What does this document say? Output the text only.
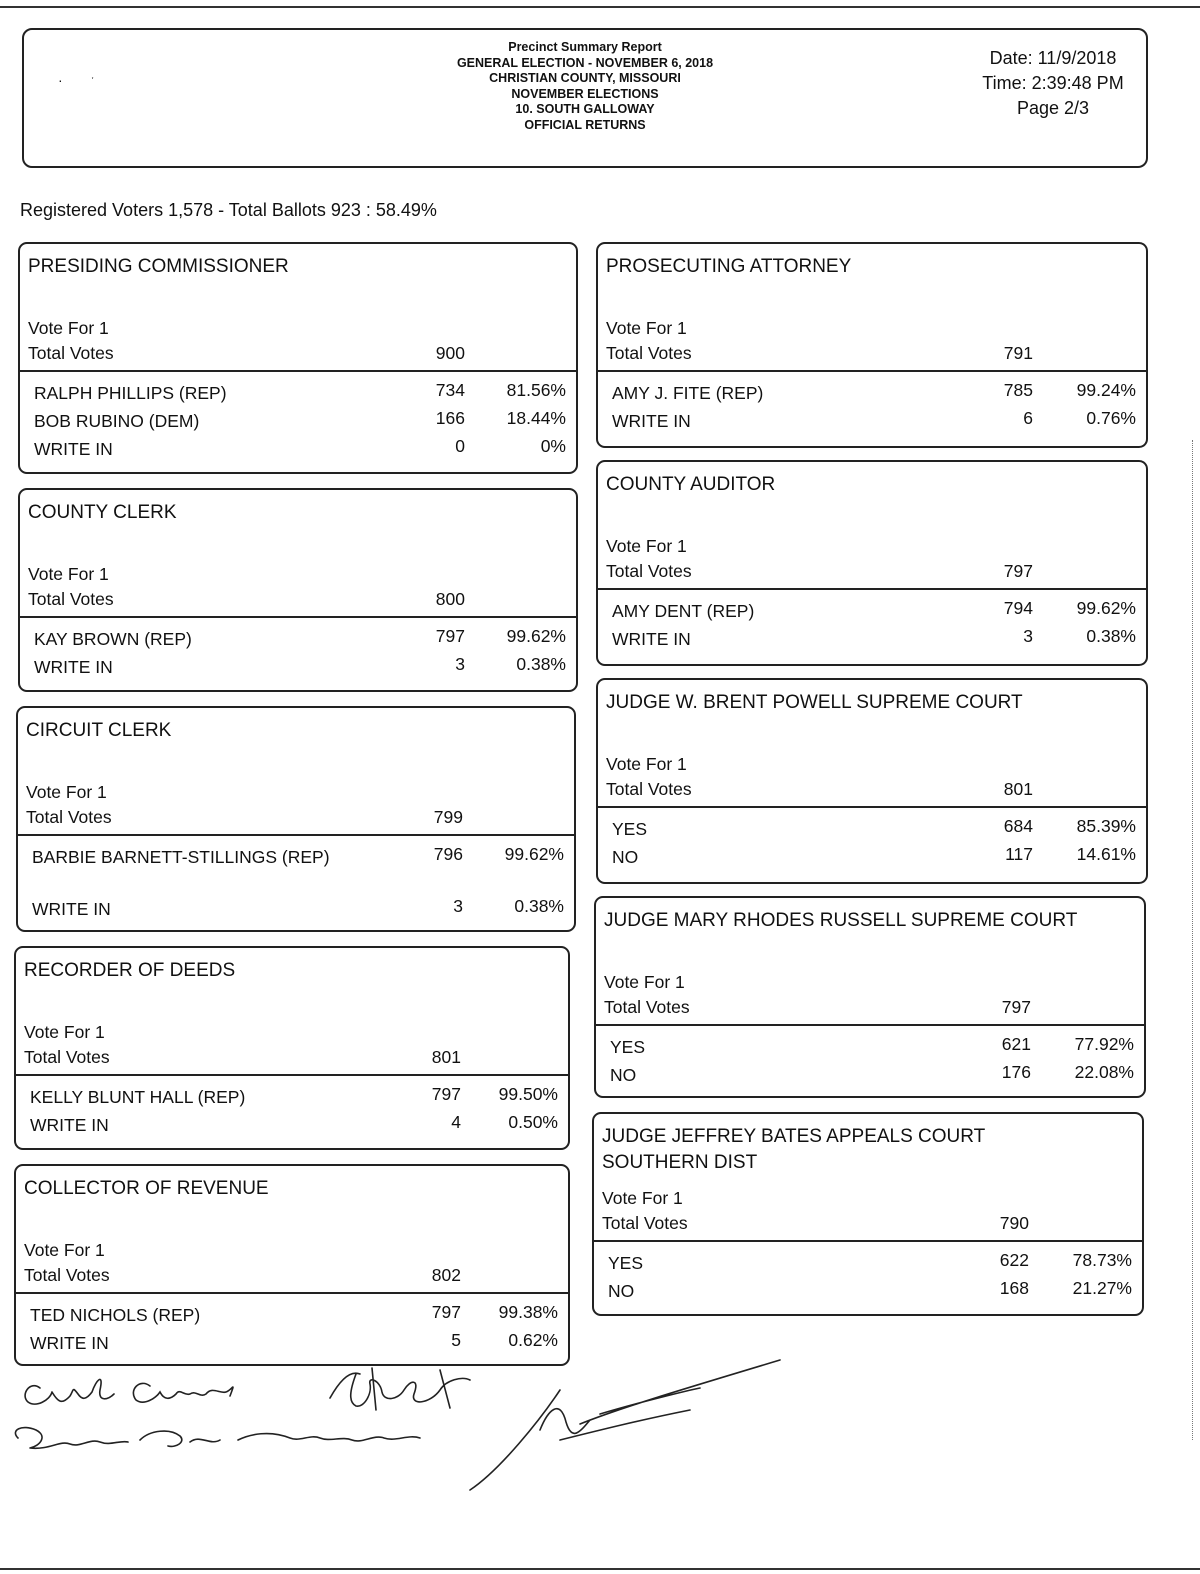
·ˑ
Precinct Summary Report
GENERAL ELECTION - NOVEMBER 6, 2018
CHRISTIAN COUNTY, MISSOURI
NOVEMBER ELECTIONS
10. SOUTH GALLOWAY
OFFICIAL RETURNS
Date: 11/9/2018
Time: 2:39:48 PM
Page 2/3
Registered Voters 1,578 - Total Ballots 923 : 58.49%
PRESIDING COMMISSIONER
Vote For 1
Total Votes	900
RALPH PHILLIPS (REP)	734	81.56%
BOB RUBINO (DEM)	166	18.44%
WRITE IN	0	0%
COUNTY CLERK
Vote For 1
Total Votes	800
KAY BROWN (REP)	797	99.62%
WRITE IN	3	0.38%
CIRCUIT CLERK
Vote For 1
Total Votes	799
BARBIE BARNETT-STILLINGS (REP)	796	99.62%
WRITE IN	3	0.38%
RECORDER OF DEEDS
Vote For 1
Total Votes	801
KELLY BLUNT HALL (REP)	797	99.50%
WRITE IN	4	0.50%
COLLECTOR OF REVENUE
Vote For 1
Total Votes	802
TED NICHOLS (REP)	797	99.38%
WRITE IN	5	0.62%
PROSECUTING ATTORNEY
Vote For 1
Total Votes	791
AMY J. FITE (REP)	785	99.24%
WRITE IN	6	0.76%
COUNTY AUDITOR
Vote For 1
Total Votes	797
AMY DENT (REP)	794	99.62%
WRITE IN	3	0.38%
JUDGE W. BRENT POWELL SUPREME COURT
Vote For 1
Total Votes	801
YES	684	85.39%
NO	117	14.61%
JUDGE MARY RHODES RUSSELL SUPREME COURT
Vote For 1
Total Votes	797
YES	621	77.92%
NO	176	22.08%
JUDGE JEFFREY BATES APPEALS COURT SOUTHERN DIST
Vote For 1
Total Votes	790
YES	622	78.73%
NO	168	21.27%
